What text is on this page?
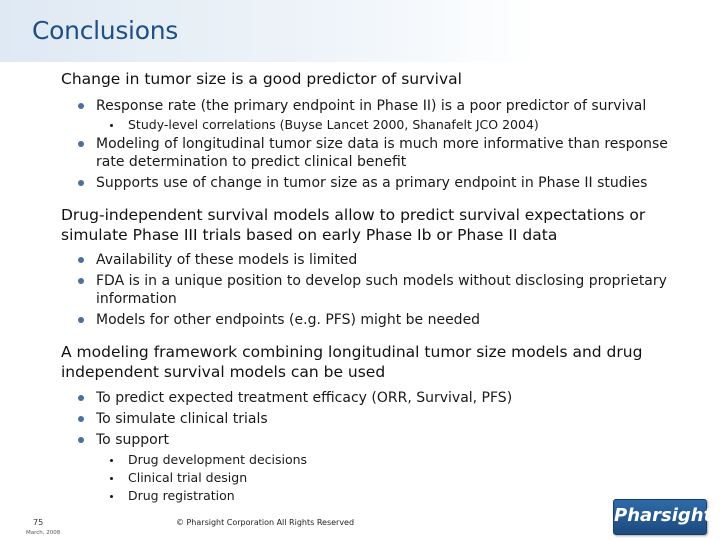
Conclusions
Change in tumor size is a good predictor of survival
Response rate (the primary endpoint in Phase II) is a poor predictor of survival
Study-level correlations (Buyse Lancet 2000, Shanafelt JCO 2004)
Modeling of longitudinal tumor size data is much more informative than response rate determination to predict clinical benefit
Supports use of change in tumor size as a primary endpoint in Phase II studies
Drug-independent survival models allow to predict survival expectations or simulate Phase III trials based on early Phase Ib or Phase II data
Availability of these models is limited
FDA is in a unique position to develop such models without disclosing proprietary information
Models for other endpoints (e.g. PFS) might be needed
A modeling framework combining longitudinal tumor size models and drug independent survival models can be used
To predict expected treatment efficacy (ORR, Survival, PFS)
To simulate clinical trials
To support
Drug development decisions
Clinical trial design
Drug registration
75
March, 2008
© Pharsight Corporation All Rights Reserved	Pharsight
